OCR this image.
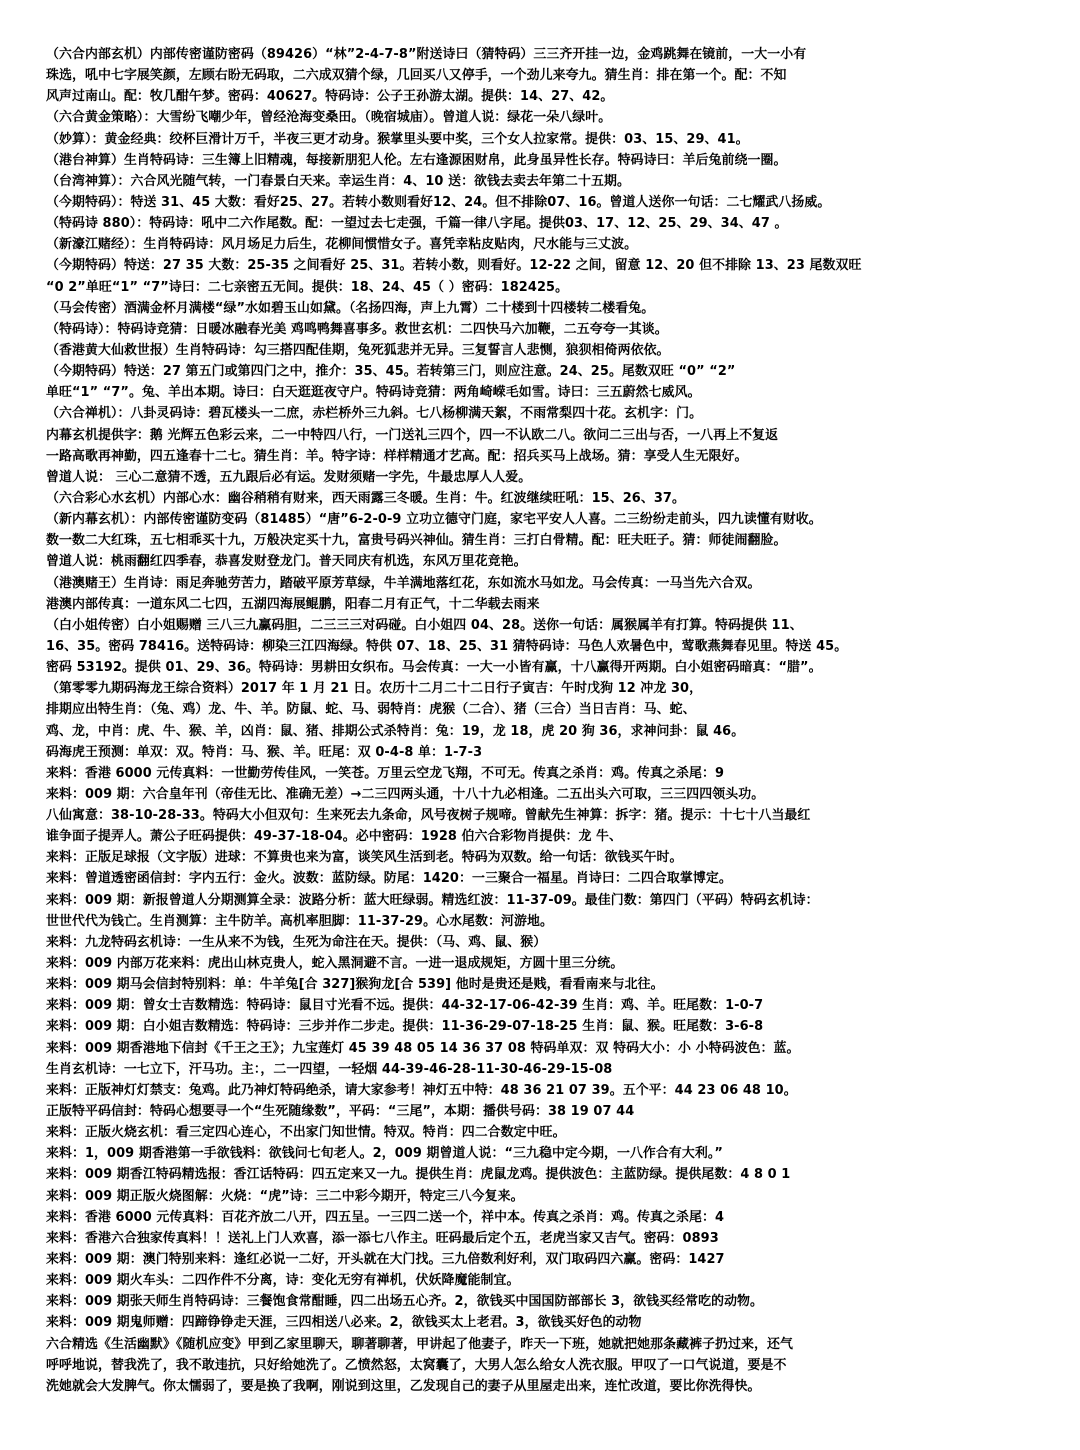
（六合内部玄机）内部传密谨防密码（89426）“林”2-4-7-8”附送诗曰（猜特码）三三齐开挂一边，金鸡跳舞在镜前，一大一小有
珠选，吼中七字展笑颜，左顾右盼无码取，二六成双猜个绿，几回买八又停手，一个劲儿来夸九。猜生肖：排在第一个。配：不知
风声过南山。配：牧几酣午梦。密码：40627。特码诗：公子王孙游太湖。提供：14、27、42。
（六合黄金策略）：大雪纷飞嘲少年，曾经沧海变桑田。（晚宿城庙）。曾道人说：绿花一朵八绿叶。
（妙算）：黄金经典：绞杯巨滑计万千，半夜三更才动身。猴掌里头要中奖，三个女人拉家常。提供：03、15、29、41。
（港台神算）生肖特码诗：三生簿上旧精魂，每接新朋犯人伦。左右逢源困财帛，此身虽异性长存。特码诗曰：羊后兔前绕一圈。
（台湾神算）：六合风光随气转，一门春景白天来。幸运生肖：4、10 送：欲钱去卖去年第二十五期。
（今期特码）：特送 31、45 大数：看好25、27。若转小数则看好12、24。但不排除07、16。曾道人送你一句话：二七耀武八扬威。
（特码诗 880）：特码诗：吼中二六作尾数。配：一望过去七走强，千篇一律八字尾。提供03、17、12、25、29、34、47 。
（新濠江赌经）：生肖特码诗：风月场足力后生，花柳间惯惜女子。喜凭幸粘皮贴肉，尺水能与三丈波。
（今期特码）特送：27 35 大数：25-35 之间看好 25、31。若转小数，则看好。12-22 之间，留意 12、20 但不排除 13、23 尾数双旺
“0 2”单旺“1” “7”诗曰：二七亲密五无间。提供：18、24、45（ ）密码：182425。
（马会传密）酒满金杯月满楼“绿”水如碧玉山如黛。（名扬四海，声上九霄）二十楼到十四楼转二楼看兔。
（特码诗）：特码诗竞猜：日暖冰融春光美 鸡鸣鸭舞喜事多。救世玄机：二四快马六加鞭，二五夸夸一其谈。
（香港黄大仙救世报）生肖特码诗：勾三搭四配佳期，兔死狐悲并无异。三复誓言人悲恻，狼狈相倚两依依。
（今期特码）特送：27 第五门或第四门之中，推介：35、45。若转第三门，则应注意。24、25。尾数双旺 “0” “2”
单旺“1” “7”。兔、羊出本期。诗曰：白天逛逛夜守户。特码诗竞猜：两角崎嵘毛如雪。诗曰：三五蔚然七威风。
（六合禅机）：八卦灵码诗：碧瓦楼头一二庶，赤栏桥外三九斜。七八杨柳满天絮，不雨常梨四十花。玄机字：门。
内幕玄机提供字：鹅 光辉五色彩云来，二一中特四八行，一门送礼三四个，四一不认欧二八。欲问二三出与否，一八再上不复返
一路高歌再神勤，四五逢春十二七。猜生肖：羊。特字诗：样样精通才艺高。配：招兵买马上战场。猜：享受人生无限好。
曾道人说： 三心二意猜不透，五九跟后必有运。发财须赌一字先，牛最忠厚人人爱。
（六合彩心水玄机）内部心水：幽谷稍稍有财来，西天雨露三冬暖。生肖：牛。红波继续旺吼：15、26、37。
（新内幕玄机）：内部传密谨防变码（81485）“唐”6-2-0-9 立功立德守门庭，家宅平安人人喜。二三纷纷走前头，四九读懂有财收。
数一数二大红珠，五七相乖买十九，万般决定买十九，富贵号码兴神仙。猜生肖：三打白骨精。配：旺夫旺子。猜：师徒闹翻脸。
曾道人说：桃雨翻红四季春，恭喜发财登龙门。普天同庆有机选，东风万里花竞艳。
（港澳赌王）生肖诗：雨足奔驰劳苦力，踏破平原芳草绿，牛羊满地落红花，东如流水马如龙。马会传真：一马当先六合双。
港澳内部传真：一道东风二七四，五湖四海展鲲鹏，阳春二月有正气，十二华载去雨来
（白小姐传密）白小姐赐赠 三八三九赢码胆，二三三三对码碰。白小姐四 04、28。送你一句话：属猴属羊有打算。特码提供 11、
16、35。密码 78416。送特码诗：柳染三江四海绿。特供 07、18、25、31 猜特码诗：马色人欢暑色中，莺歌燕舞春见里。特送 45。
密码 53192。提供 01、29、36。特码诗：男耕田女织布。马会传真：一大一小皆有赢，十八赢得开两期。白小姐密码暗真：“腊”。
（第零零九期码海龙王综合资料）2017 年 1 月 21 日。农历十二月二十二日行子寅吉：午时戊狗 12 冲龙 30，
排期应出特生肖：（兔、鸡）龙、牛、羊。防鼠、蛇、马、弱特肖：虎猴（二合）、猪（三合）当日吉肖：马、蛇、
鸡、龙，中肖：虎、牛、猴、羊，凶肖：鼠、猪、排期公式杀特肖：兔：19，龙 18，虎 20 狗 36，求神问卦：鼠 46。
码海虎王预测：单双：双。特肖：马、猴、羊。旺尾：双 0-4-8 单：1-7-3
来料：香港 6000 元传真料：一世勤劳传佳风，一笑苍。万里云空龙飞翔，不可无。传真之杀肖：鸡。传真之杀尾：9
来料：009 期：六合皇年刊（帝佳无比、准确无差）→二三四两头通，十八十九必相逢。二五出头六可取，三三四四领头功。
八仙寓意：38-10-28-33。特码大小但双句：生来死去九条命，风号夜树子规啼。曾献先生神算：拆字：猪。提示：十七十八当最红
谁争面子提弄人。萧公子旺码提供：49-37-18-04。必中密码：1928 伯六合彩物肖提供：龙 牛、
来料：正版足球报（文字版）进球：不算贵也来为富，谈笑风生活到老。特码为双数。给一句话：欲钱买午时。
来料：曾道透密函信封：字内五行：金火。波数：蓝防绿。防尾：1420：一三聚合一福星。肖诗曰：二四合取掌博定。
来料：009 期：新报曾道人分期测算全录：波路分析：蓝大旺绿弱。精选红波：11-37-09。最佳门数：第四门（平码）特码玄机诗：
世世代代为钱亡。生肖测算：主牛防羊。高机率胆脚：11-37-29。心水尾数：河游地。
来料：九龙特码玄机诗：一生从来不为钱，生死为命注在天。提供：（马、鸡、鼠、猴）
来料：009 内部万花来料：虎出山林克贵人，蛇入黑洞避不言。一进一退成规矩，方圆十里三分统。
来料：009 期马会信封特别料：单：牛羊兔[合 327]猴狗龙[合 539] 他时是贵还是贱，看看南来与北往。
来料：009 期：曾女士吉数精选：特码诗：鼠目寸光看不远。提供：44-32-17-06-42-39 生肖：鸡、羊。旺尾数：1-0-7
来料：009 期：白小姐吉数精选：特码诗：三步并作二步走。提供：11-36-29-07-18-25 生肖：鼠、猴。旺尾数：3-6-8
来料：009 期香港地下信封《千王之王》；九宝莲灯 45 39 48 05 14 36 37 08 特码单双：双 特码大小：小 小特码波色：蓝。
生肖玄机诗：一七立下，汗马功。主：，二一四望，一轻烟 44-39-46-28-11-30-46-29-15-08
来料：正版神灯灯禁支：兔鸡。此乃神灯特码绝杀，请大家参考！神灯五中特：48 36 21 07 39。五个平：44 23 06 48 10。
正版特平码信封：特码心想要寻一个“生死随缘数”，平码：“三尾”，本期：播供号码：38 19 07 44
来料：正版火烧玄机：看三定四心连心，不出家门知世情。特双。特肖：四二合数定中旺。
来料：1，009 期香港第一手欲钱料：欲钱问七旬老人。2，009 期曾道人说：“三九稳中定今期，一八作合有大利。”
来料：009 期香江特码精选报：香江话特码：四五定来又一九。提供生肖：虎鼠龙鸡。提供波色：主蓝防绿。提供尾数：4 8 0 1
来料：009 期正版火烧图解：火烧：“虎”诗：三二中彩今期开，特定三八今复来。
来料：香港 6000 元传真料：百花齐放二八开，四五呈。一三四二送一个，祥中本。传真之杀肖：鸡。传真之杀尾：4
来料：香港六合独家传真料！！送礼上门人欢喜，添一添七八作主。旺码最后定个五，老虎当家又吉气。密码：0893
来料：009 期：澳门特别来料：逢红必说一二好，开头就在大门找。三九倍数利好利，双门取码四六赢。密码：1427
来料：009 期火车头：二四作件不分离，诗：变化无穷有禅机，伏妖降魔能制宜。
来料：009 期张天师生肖特码诗：三餐饱食常酣睡，四二出场五心齐。2，欲钱买中国国防部部长 3，欲钱买经常吃的动物。
来料：009 期鬼师赠：四蹄铮铮走天涯，三四相送八必来。2，欲钱买太上老君。3，欲钱买好色的动物
六合精选《生活幽默》《随机应变》甲到乙家里聊天，聊著聊著，甲讲起了他妻子，昨天一下班，她就把她那条藏裤子扔过来，还气
呼呼地说，替我洗了，我不敢违抗，只好给她洗了。乙愤然怒，太窝囊了，大男人怎么给女人洗衣服。甲叹了一口气说道，要是不
洗她就会大发脾气。你太懦弱了，要是换了我啊，刚说到这里，乙发现自己的妻子从里屋走出来，连忙改道，要比你洗得快。
